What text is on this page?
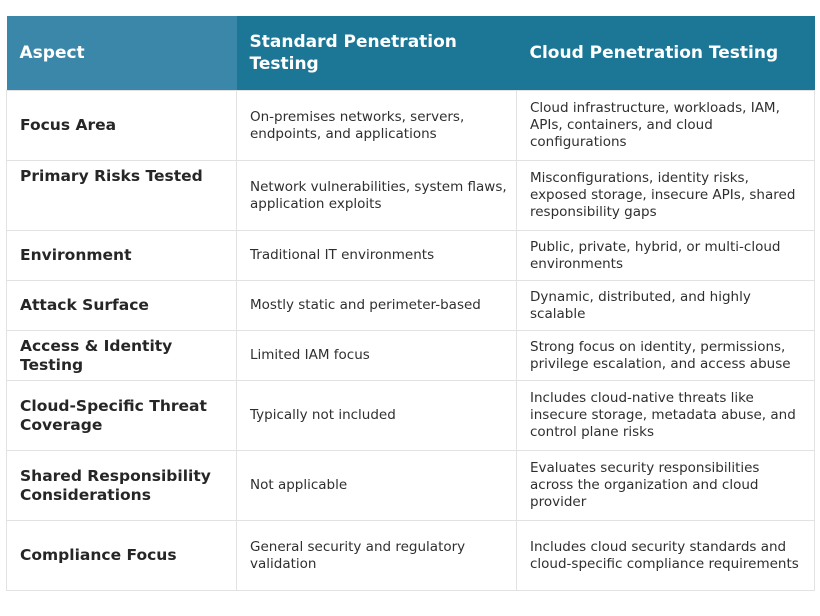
Aspect	Standard Penetration Testing	Cloud Penetration Testing
Focus Area	On-premises networks, servers, endpoints, and applications	Cloud infrastructure, workloads, IAM, APIs, containers, and cloud configurations
Primary Risks Tested	Network vulnerabilities, system flaws, application exploits	Misconfigurations, identity risks, exposed storage, insecure APIs, shared responsibility gaps
Environment	Traditional IT environments	Public, private, hybrid, or multi-cloud environments
Attack Surface	Mostly static and perimeter-based	Dynamic, distributed, and highly scalable
Access & Identity Testing	Limited IAM focus	Strong focus on identity, permissions, privilege escalation, and access abuse
Cloud-Specific Threat Coverage	Typically not included	Includes cloud-native threats like insecure storage, metadata abuse, and control plane risks
Shared Responsibility Considerations	Not applicable	Evaluates security responsibilities across the organization and cloud provider
Compliance Focus	General security and regulatory validation	Includes cloud security standards and cloud-specific compliance requirements
